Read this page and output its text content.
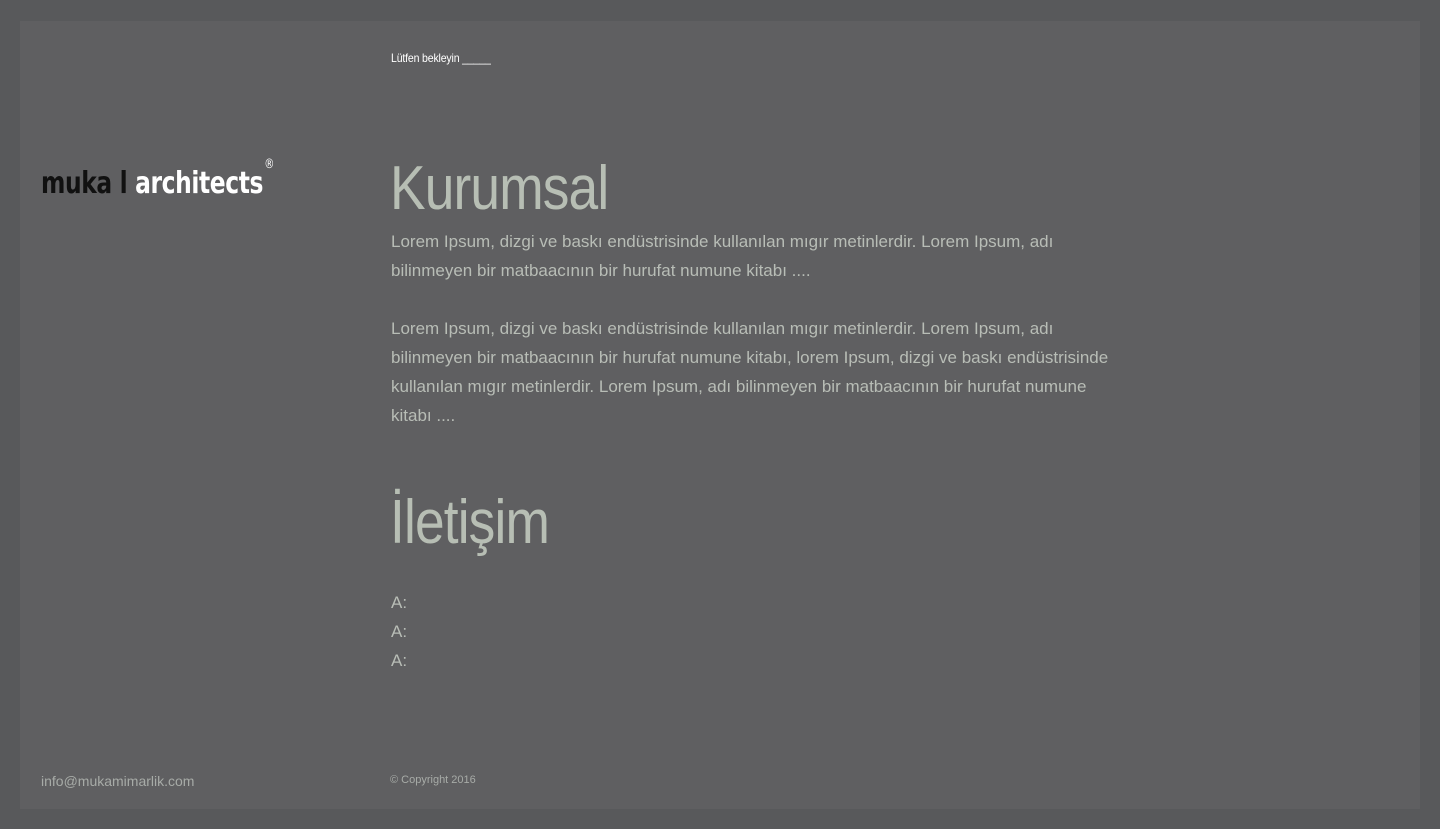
Lütfen bekleyin _____
muka l architects
® Kurumsal

Lorem Ipsum, dizgi ve baskı endüstrisinde kullanılan mıgır metinlerdir. Lorem Ipsum, adı bilinmeyen bir matbaacının bir hurufat numune kitabı ....

Lorem Ipsum, dizgi ve baskı endüstrisinde kullanılan mıgır metinlerdir. Lorem Ipsum, adı bilinmeyen bir matbaacının bir hurufat numune kitabı, lorem Ipsum, dizgi ve baskı endüstrisinde kullanılan mıgır metinlerdir. Lorem Ipsum, adı bilinmeyen bir matbaacının bir hurufat numune kitabı ....

İletişim
A:
A:
A:
info@mukamimarlik.com	© Copyright 2016
